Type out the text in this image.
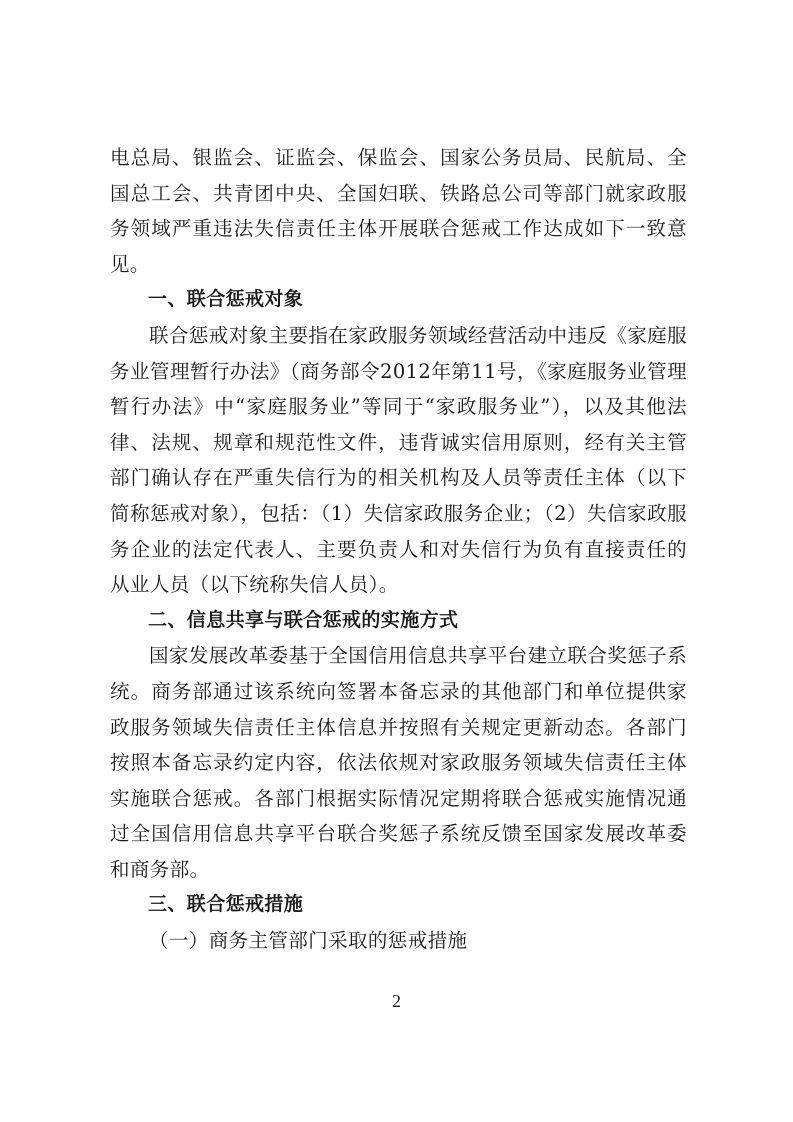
电总局、银监会、证监会、保监会、国家公务员局、民航局、全国总工会、共青团中央、全国妇联、铁路总公司等部门就家政服务领域严重违法失信责任主体开展联合惩戒工作达成如下一致意见。

一、联合惩戒对象

联合惩戒对象主要指在家政服务领域经营活动中违反《家庭服务业管理暂行办法》（商务部令2012年第11号，《家庭服务业管理暂行办法》中“家庭服务业”等同于“家政服务业”），以及其他法律、法规、规章和规范性文件，违背诚实信用原则，经有关主管部门确认存在严重失信行为的相关机构及人员等责任主体（以下简称惩戒对象），包括：（1）失信家政服务企业；（2）失信家政服务企业的法定代表人、主要负责人和对失信行为负有直接责任的从业人员（以下统称失信人员）。

二、信息共享与联合惩戒的实施方式

国家发展改革委基于全国信用信息共享平台建立联合奖惩子系统。商务部通过该系统向签署本备忘录的其他部门和单位提供家政服务领域失信责任主体信息并按照有关规定更新动态。各部门按照本备忘录约定内容，依法依规对家政服务领域失信责任主体实施联合惩戒。各部门根据实际情况定期将联合惩戒实施情况通过全国信用信息共享平台联合奖惩子系统反馈至国家发展改革委和商务部。

三、联合惩戒措施

（一）商务主管部门采取的惩戒措施

2
